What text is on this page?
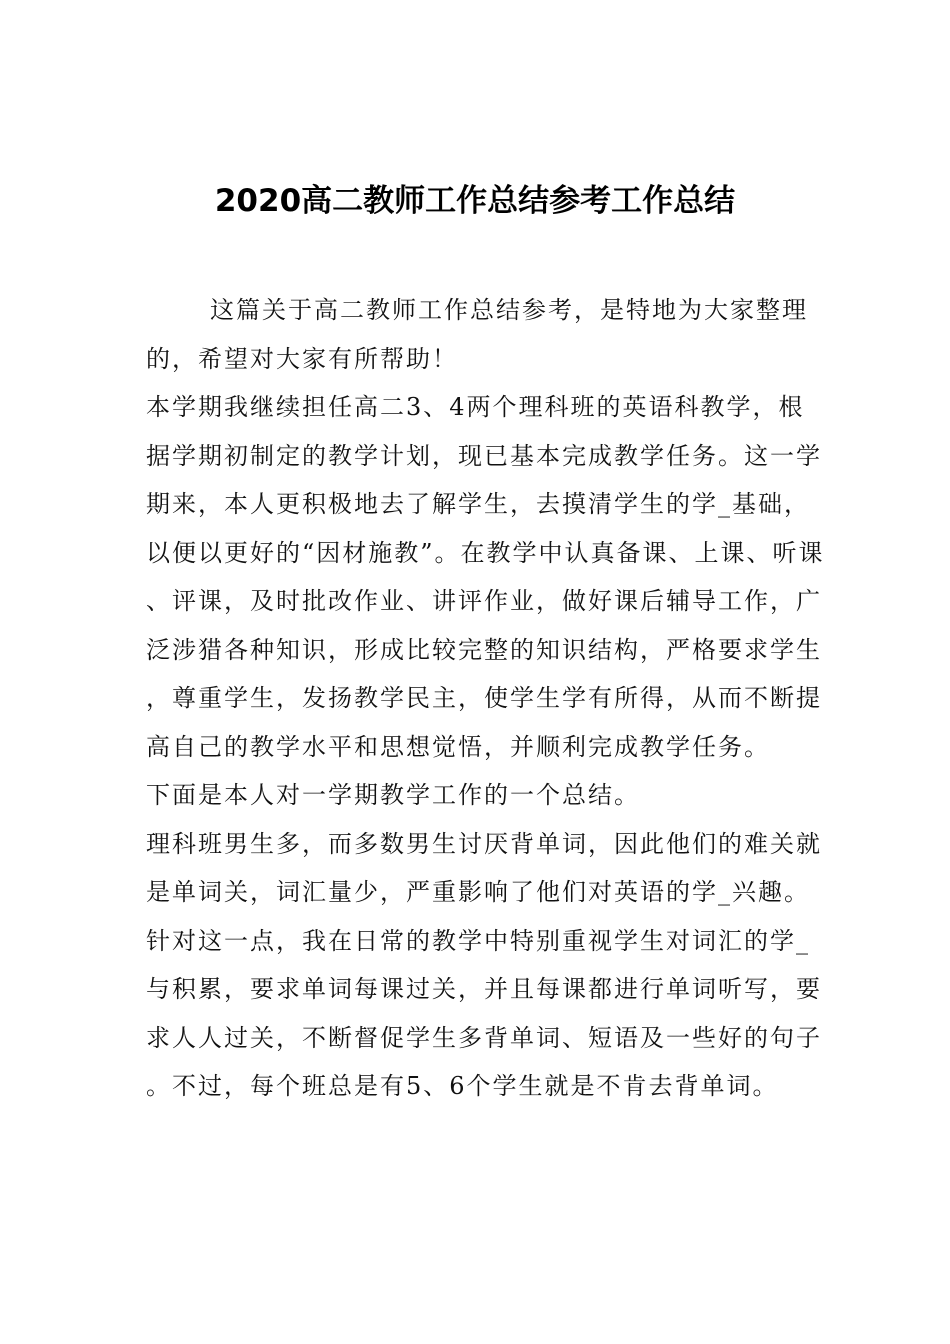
2020高二教师工作总结参考工作总结

这篇关于高二教师工作总结参考，是特地为大家整理的，希望对大家有所帮助！

本学期我继续担任高二3、4两个理科班的英语科教学，根据学期初制定的教学计划，现已基本完成教学任务。这一学期来，本人更积极地去了解学生，去摸清学生的学_基础，以便以更好的“因材施教”。在教学中认真备课、上课、听课、评课，及时批改作业、讲评作业，做好课后辅导工作，广泛涉猎各种知识，形成比较完整的知识结构，严格要求学生，尊重学生，发扬教学民主，使学生学有所得，从而不断提高自己的教学水平和思想觉悟，并顺利完成教学任务。

下面是本人对一学期教学工作的一个总结。

理科班男生多，而多数男生讨厌背单词，因此他们的难关就是单词关，词汇量少，严重影响了他们对英语的学_兴趣。针对这一点，我在日常的教学中特别重视学生对词汇的学_与积累，要求单词每课过关，并且每课都进行单词听写，要求人人过关，不断督促学生多背单词、短语及一些好的句子。不过，每个班总是有5、6个学生就是不肯去背单词。
